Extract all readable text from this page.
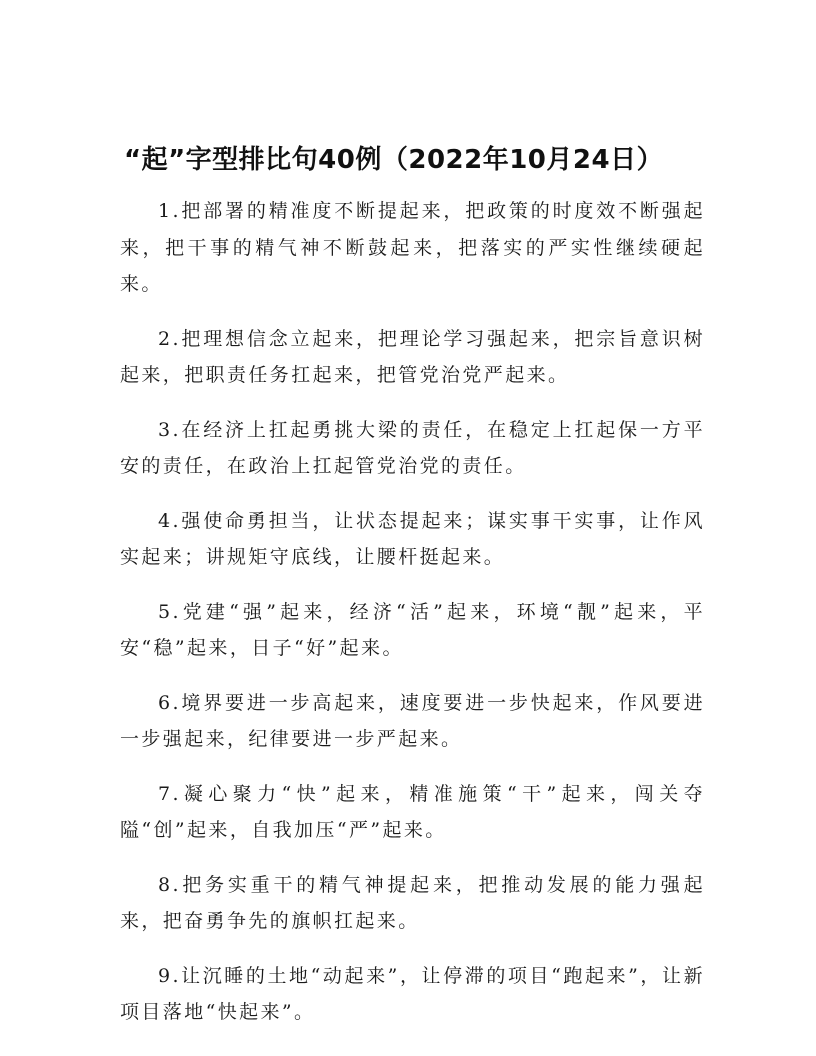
“起”字型排比句40例（2022年10月24日）

1.把部署的精准度不断提起来，把政策的时度效不断强起来，把干事的精气神不断鼓起来，把落实的严实性继续硬起来。

2.把理想信念立起来，把理论学习强起来，把宗旨意识树起来，把职责任务扛起来，把管党治党严起来。

3.在经济上扛起勇挑大梁的责任，在稳定上扛起保一方平安的责任，在政治上扛起管党治党的责任。

4.强使命勇担当，让状态提起来；谋实事干实事，让作风实起来；讲规矩守底线，让腰杆挺起来。

5.党建“强”起来，经济“活”起来，环境“靓”起来，平安“稳”起来，日子“好”起来。

6.境界要进一步高起来，速度要进一步快起来，作风要进一步强起来，纪律要进一步严起来。

7.凝心聚力“快”起来，精准施策“干”起来，闯关夺隘“创”起来，自我加压“严”起来。

8.把务实重干的精气神提起来，把推动发展的能力强起来，把奋勇争先的旗帜扛起来。

9.让沉睡的土地“动起来”，让停滞的项目“跑起来”，让新项目落地“快起来”。
